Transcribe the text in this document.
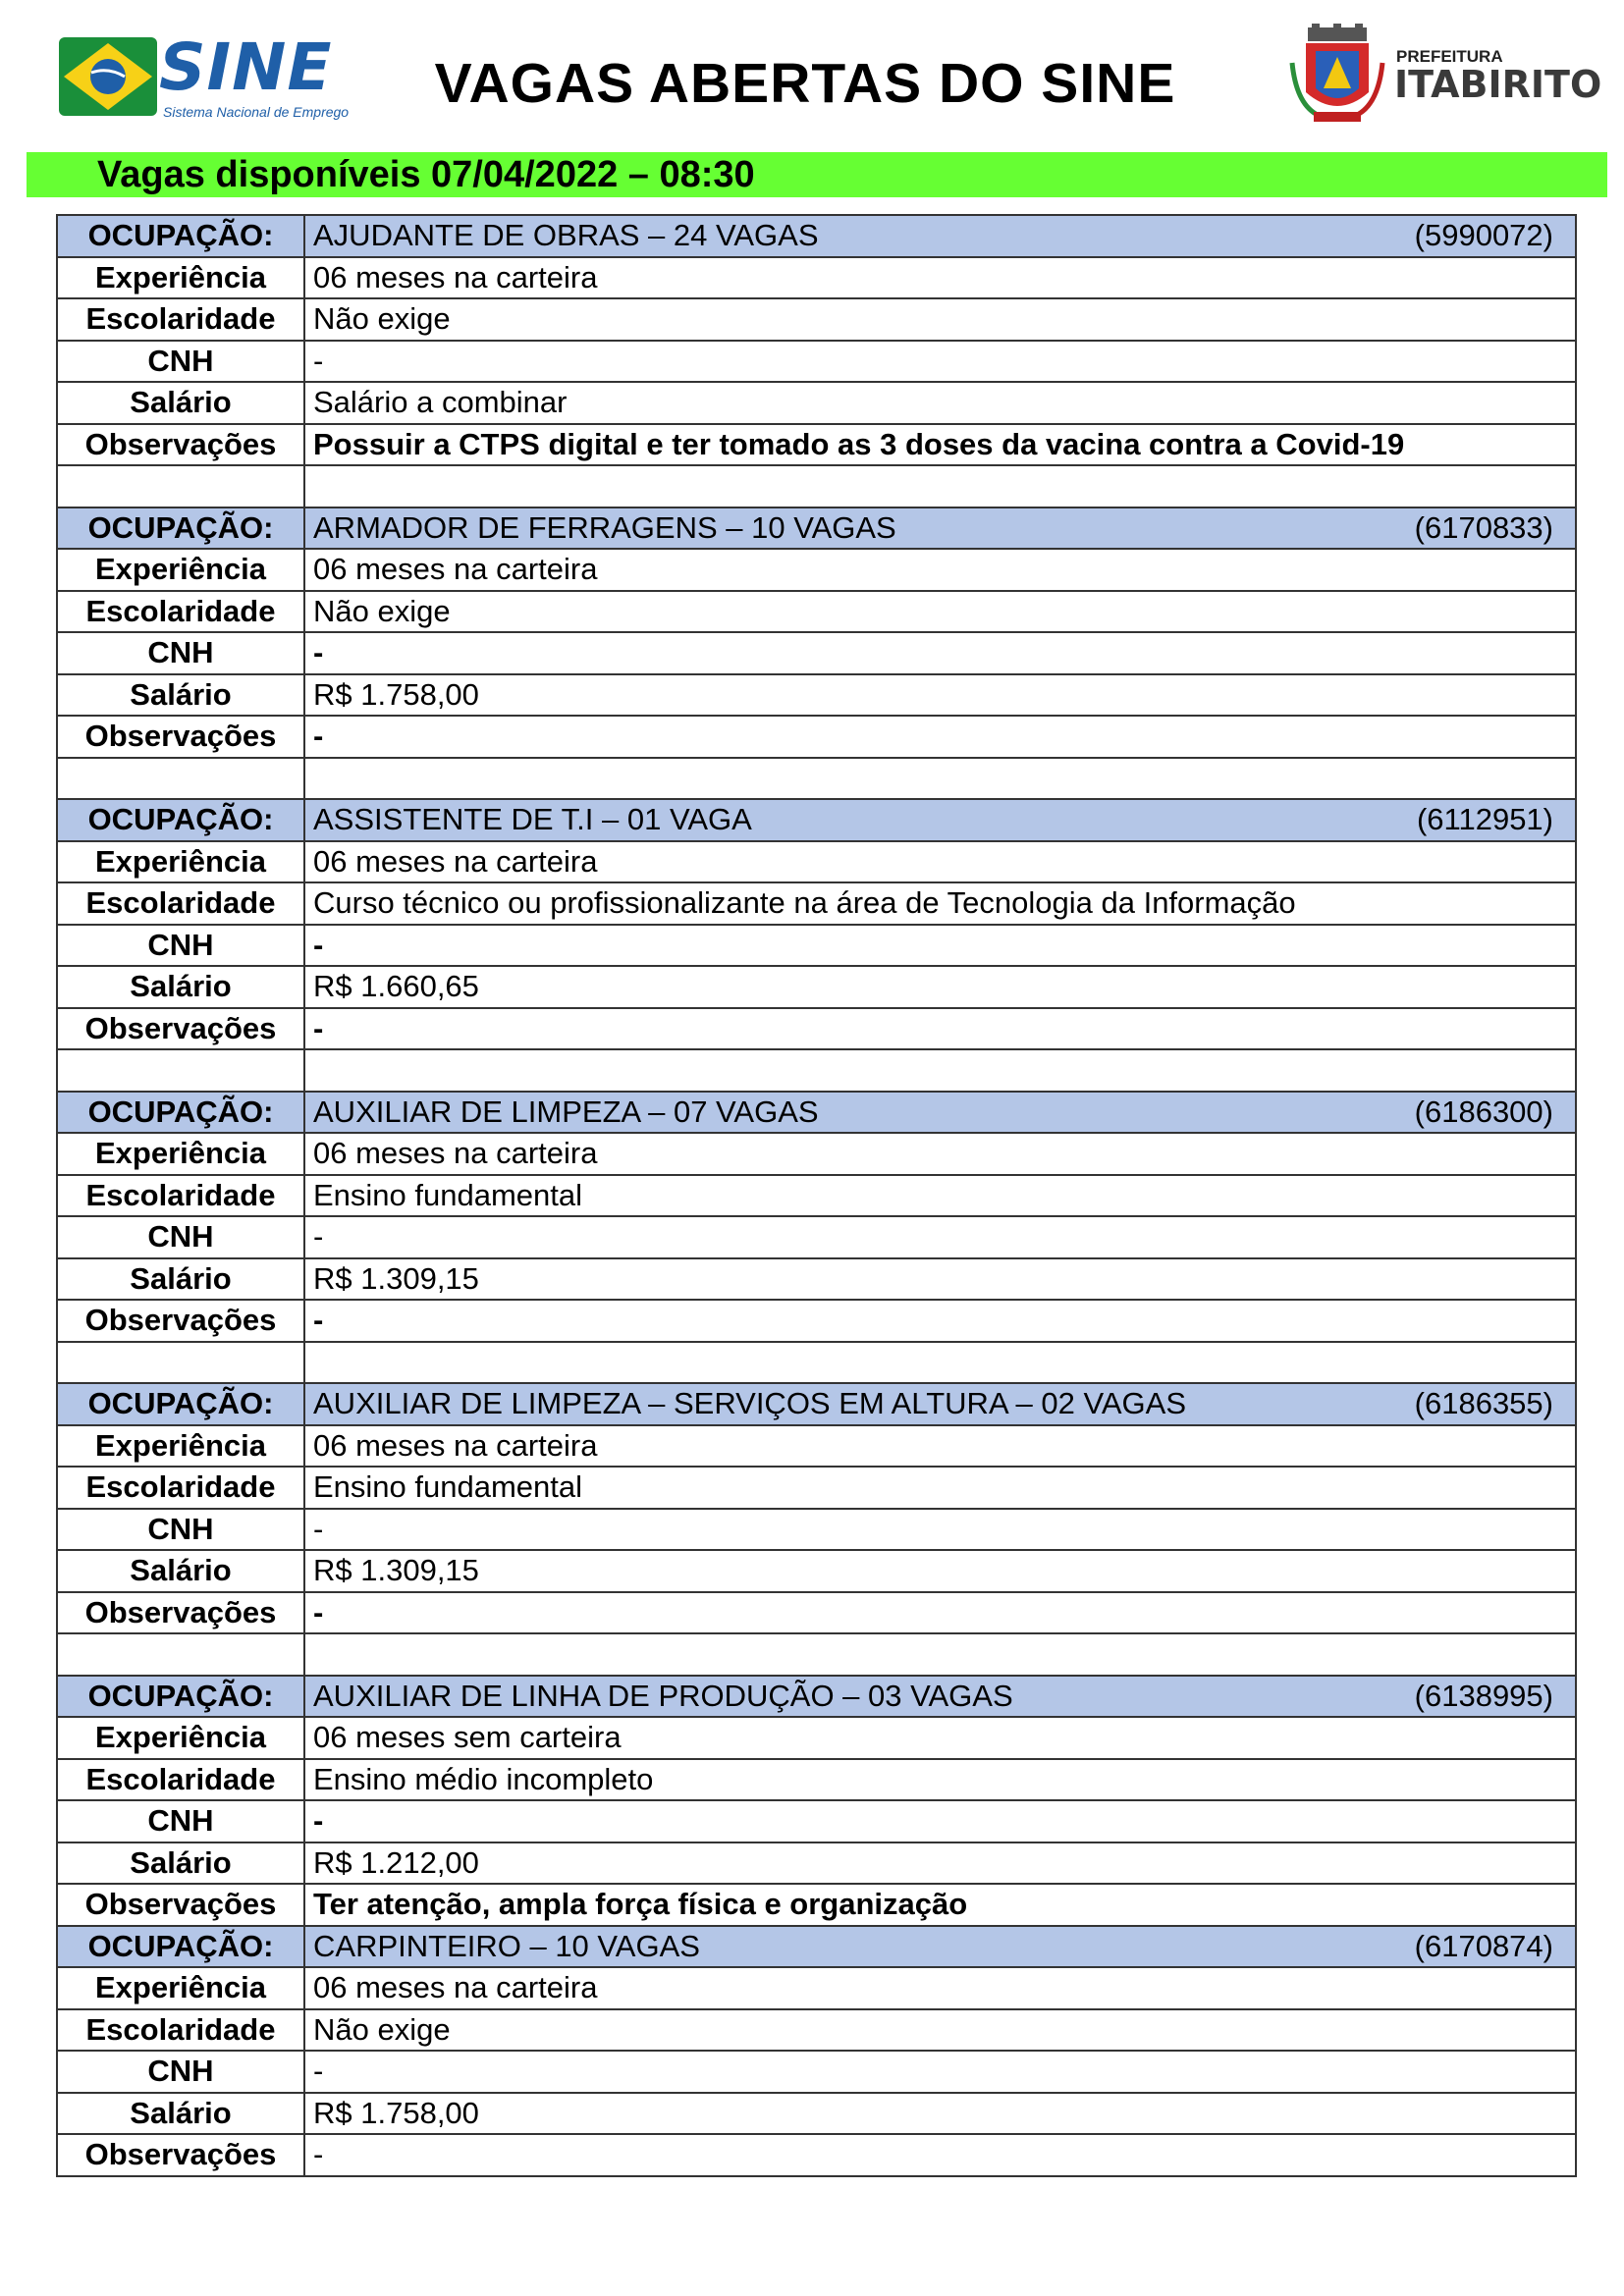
SINE
Sistema Nacional de Emprego VAGAS ABERTAS DO SINE	PREFEITURA
ITABIRITO
Vagas disponíveis 07/04/2022 – 08:30
OCUPAÇÃO:	AJUDANTE DE OBRAS – 24 VAGAS (5990072)

Experiência	06 meses na carteira
Escolaridade	Não exige
CNH	-
Salário	Salário a combinar
Observações	Possuir a CTPS digital e ter tomado as 3 doses da vacina contra a Covid-19

OCUPAÇÃO:	ARMADOR DE FERRAGENS – 10 VAGAS (6170833)

Experiência	06 meses na carteira
Escolaridade	Não exige
CNH	-
Salário	R$ 1.758,00
Observações	-

OCUPAÇÃO:	ASSISTENTE DE T.I – 01 VAGA (6112951)

Experiência	06 meses na carteira
Escolaridade	Curso técnico ou profissionalizante na área de Tecnologia da Informação
CNH	-
Salário	R$ 1.660,65
Observações	-

OCUPAÇÃO:	AUXILIAR DE LIMPEZA – 07 VAGAS (6186300)

Experiência	06 meses na carteira
Escolaridade	Ensino fundamental
CNH	-
Salário	R$ 1.309,15
Observações	-

OCUPAÇÃO:	AUXILIAR DE LIMPEZA – SERVIÇOS EM ALTURA – 02 VAGAS (6186355)

Experiência	06 meses na carteira
Escolaridade	Ensino fundamental
CNH	-
Salário	R$ 1.309,15
Observações	-

OCUPAÇÃO:	AUXILIAR DE LINHA DE PRODUÇÃO – 03 VAGAS (6138995)

Experiência	06 meses sem carteira
Escolaridade	Ensino médio incompleto
CNH	-
Salário	R$ 1.212,00
Observações	Ter atenção, ampla força física e organização
OCUPAÇÃO:	CARPINTEIRO – 10 VAGAS (6170874)

Experiência	06 meses na carteira
Escolaridade	Não exige
CNH	-
Salário	R$ 1.758,00
Observações	-
